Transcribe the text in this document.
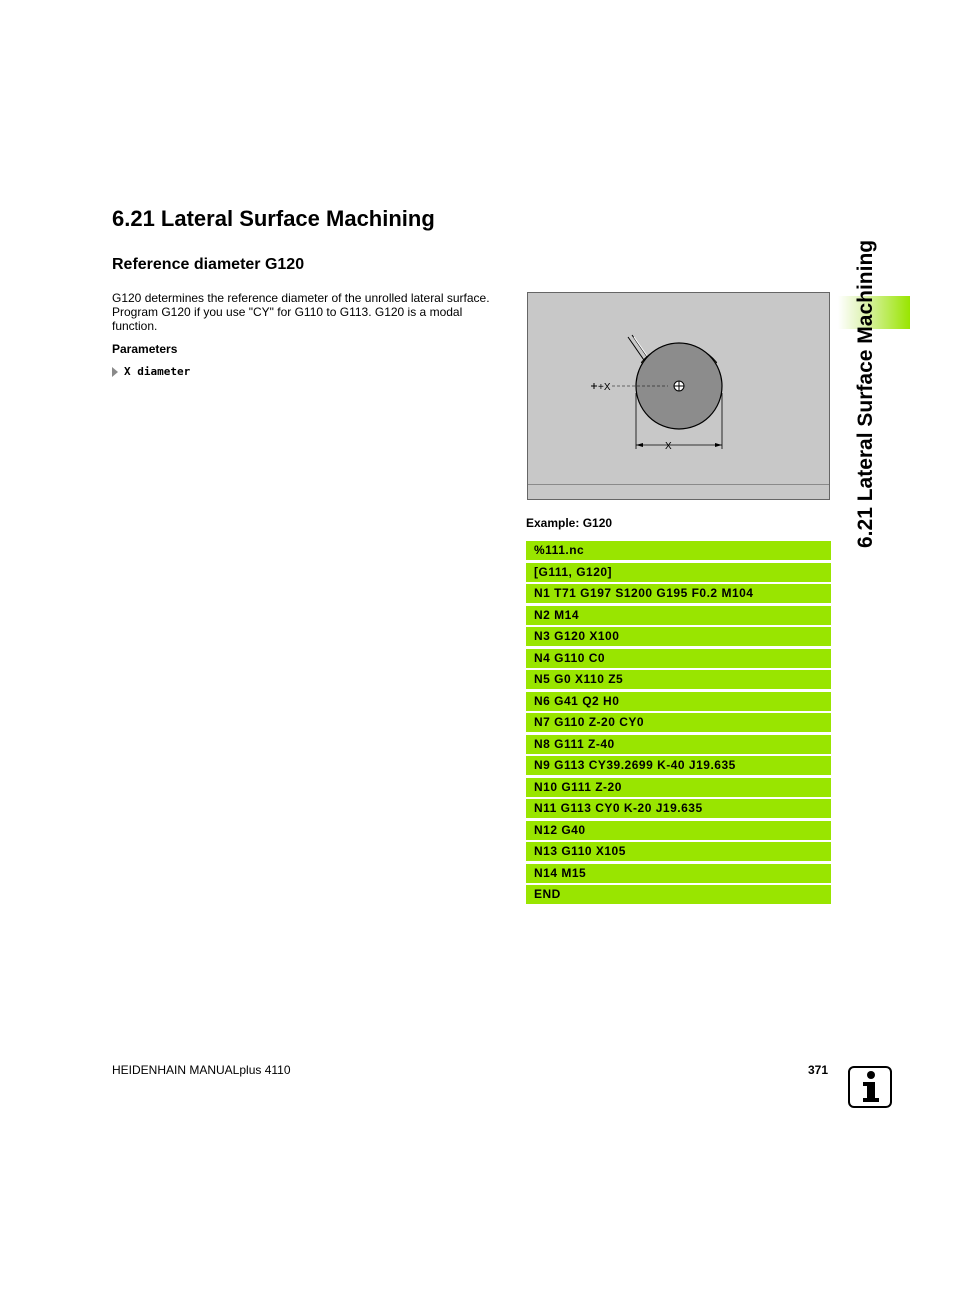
6.21 Lateral Surface Machining
Reference diameter G120
G120 determines the reference diameter of the unrolled lateral surface. Program G120 if you use "CY" for G110 to G113. G120 is a modal function.
Parameters
X diameter
+X
X
Example: G120
%111.nc
[G111, G120]
N1 T71 G197 S1200 G195 F0.2 M104
N2 M14
N3 G120 X100
N4 G110 C0
N5 G0 X110 Z5
N6 G41 Q2 H0
N7 G110 Z-20 CY0
N8 G111 Z-40
N9 G113 CY39.2699 K-40 J19.635
N10 G111 Z-20
N11 G113 CY0 K-20 J19.635
N12 G40
N13 G110 X105
N14 M15
END
6.21 Lateral Surface Machining
HEIDENHAIN MANUALplus 4110	371
